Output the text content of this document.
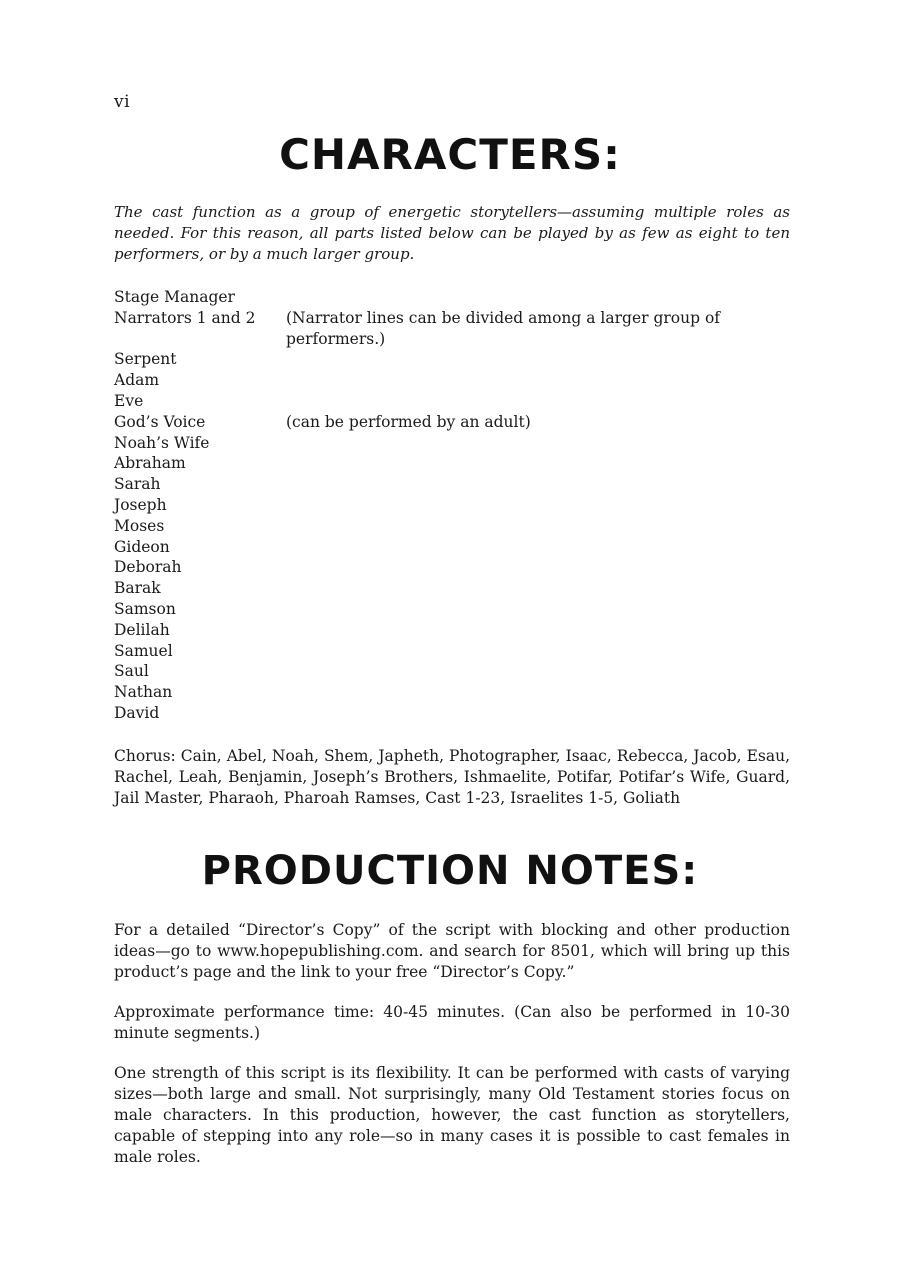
vi
CHARACTERS:
The cast function as a group of energetic storytellers—assuming multiple roles as needed. For this reason, all parts listed below can be played by as few as eight to ten performers, or by a much larger group.
Stage Manager
Narrators 1 and 2	(Narrator lines can be divided among a larger group of performers.)
Serpent
Adam
Eve
God’s Voice	(can be performed by an adult)
Noah’s Wife
Abraham
Sarah
Joseph
Moses
Gideon
Deborah
Barak
Samson
Delilah
Samuel
Saul
Nathan
David
Chorus: Cain, Abel, Noah, Shem, Japheth, Photographer, Isaac, Rebecca, Jacob, Esau, Rachel, Leah, Benjamin, Joseph’s Brothers, Ishmaelite, Potifar, Potifar’s Wife, Guard, Jail Master, Pharaoh, Pharoah Ramses, Cast 1-23, Israelites 1-5, Goliath
PRODUCTION NOTES:

For a detailed “Director’s Copy” of the script with blocking and other production ideas—go to www.hopepublishing.com. and search for 8501, which will bring up this product’s page and the link to your free “Director’s Copy.”

Approximate performance time: 40-45 minutes. (Can also be performed in 10-30 minute segments.)

One strength of this script is its flexibility. It can be performed with casts of varying sizes—both large and small. Not surprisingly, many Old Testament stories focus on male characters. In this production, however, the cast function as storytellers, capable of stepping into any role—so in many cases it is possible to cast females in male roles.
